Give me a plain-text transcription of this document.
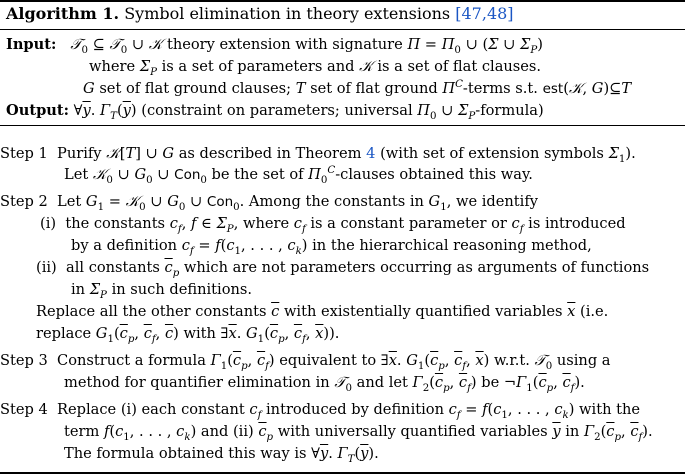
Algorithm 1. Symbol elimination in theory extensions [47,48]
Input: 𝒯$_0$ ⊆ 𝒯$_0$ ∪ 𝒦 theory extension with signature $\Pi = \Pi_0$ ∪ (Σ ∪ $\Sigma_P$)
where $\Sigma_P$ is a set of parameters and 𝒦 is a set of flat clauses.
G set of flat ground clauses; T set of flat ground $\Pi^C$-terms s.t. est(𝒦, G)⊆T
Output: $\forall\overline{y}$. $\Gamma_T(\overline{y})$ (constraint on parameters; universal $\Pi_0$ ∪ $\Sigma_P-formula$)
Step 1 Purify 𝒦[T] ∪ G as described in Theorem 4 (with set of extension symbols $\Sigma_1$).
Let 𝒦$_0$ ∪ $G_0$ ∪ Con$_0$ be the set of $\Pi_0^C$-clauses obtained this way.
Step 2 Let $G_1$ = 𝒦$_0$ ∪ $G_0$ ∪ Con$_0$. Among the constants in $G_1$, we identify
(i) the constants $c_f$, f ∈ $\Sigma_P$, where $c_f$ is a constant parameter or $c_f$ is introduced
by a definition $c_f = f(c_1$, . . . , $c_k$) in the hierarchical reasoning method,
(ii) all constants $\overline{c}_p$ which are not parameters occurring as arguments of functions
in $\Sigma_P$ in such definitions.
Replace all the other constants $\overline{c}$ with existentially quantified variables $\overline{x}$ (i.e.
replace $G_1(\overline{c}_p$, $\overline{c}_f$, $\overline{c}$) with $\exists\overline{x}$. $G_1(\overline{c}_p$, $\overline{c}_f$, $\overline{x}$)).
Step 3 Construct a formula $\Gamma_1(\overline{c}_p$, $\overline{c}_f$) equivalent to $\exists\overline{x}$. $G_1(\overline{c}_p$, $\overline{c}_f$, $\overline{x}$) w.r.t. 𝒯$_0$ using a
method for quantifier elimination in 𝒯$_0$ and let $\Gamma_2(\overline{c}_p$, $\overline{c}_f$) be $\neg\Gamma_1(\overline{c}_p$, $\overline{c}_f$).
Step 4 Replace (i) each constant $c_f$ introduced by definition $c_f = f(c_1$, . . . , $c_k$) with the
term $f(c_1$, . . . , $c_k$) and (ii) $\overline{c}_p$ with universally quantified variables $\overline{y}$ in $\Gamma_2(\overline{c}_p$, $\overline{c}_f$).
The formula obtained this way is $\forall\overline{y}$. $\Gamma_T(\overline{y})$.
